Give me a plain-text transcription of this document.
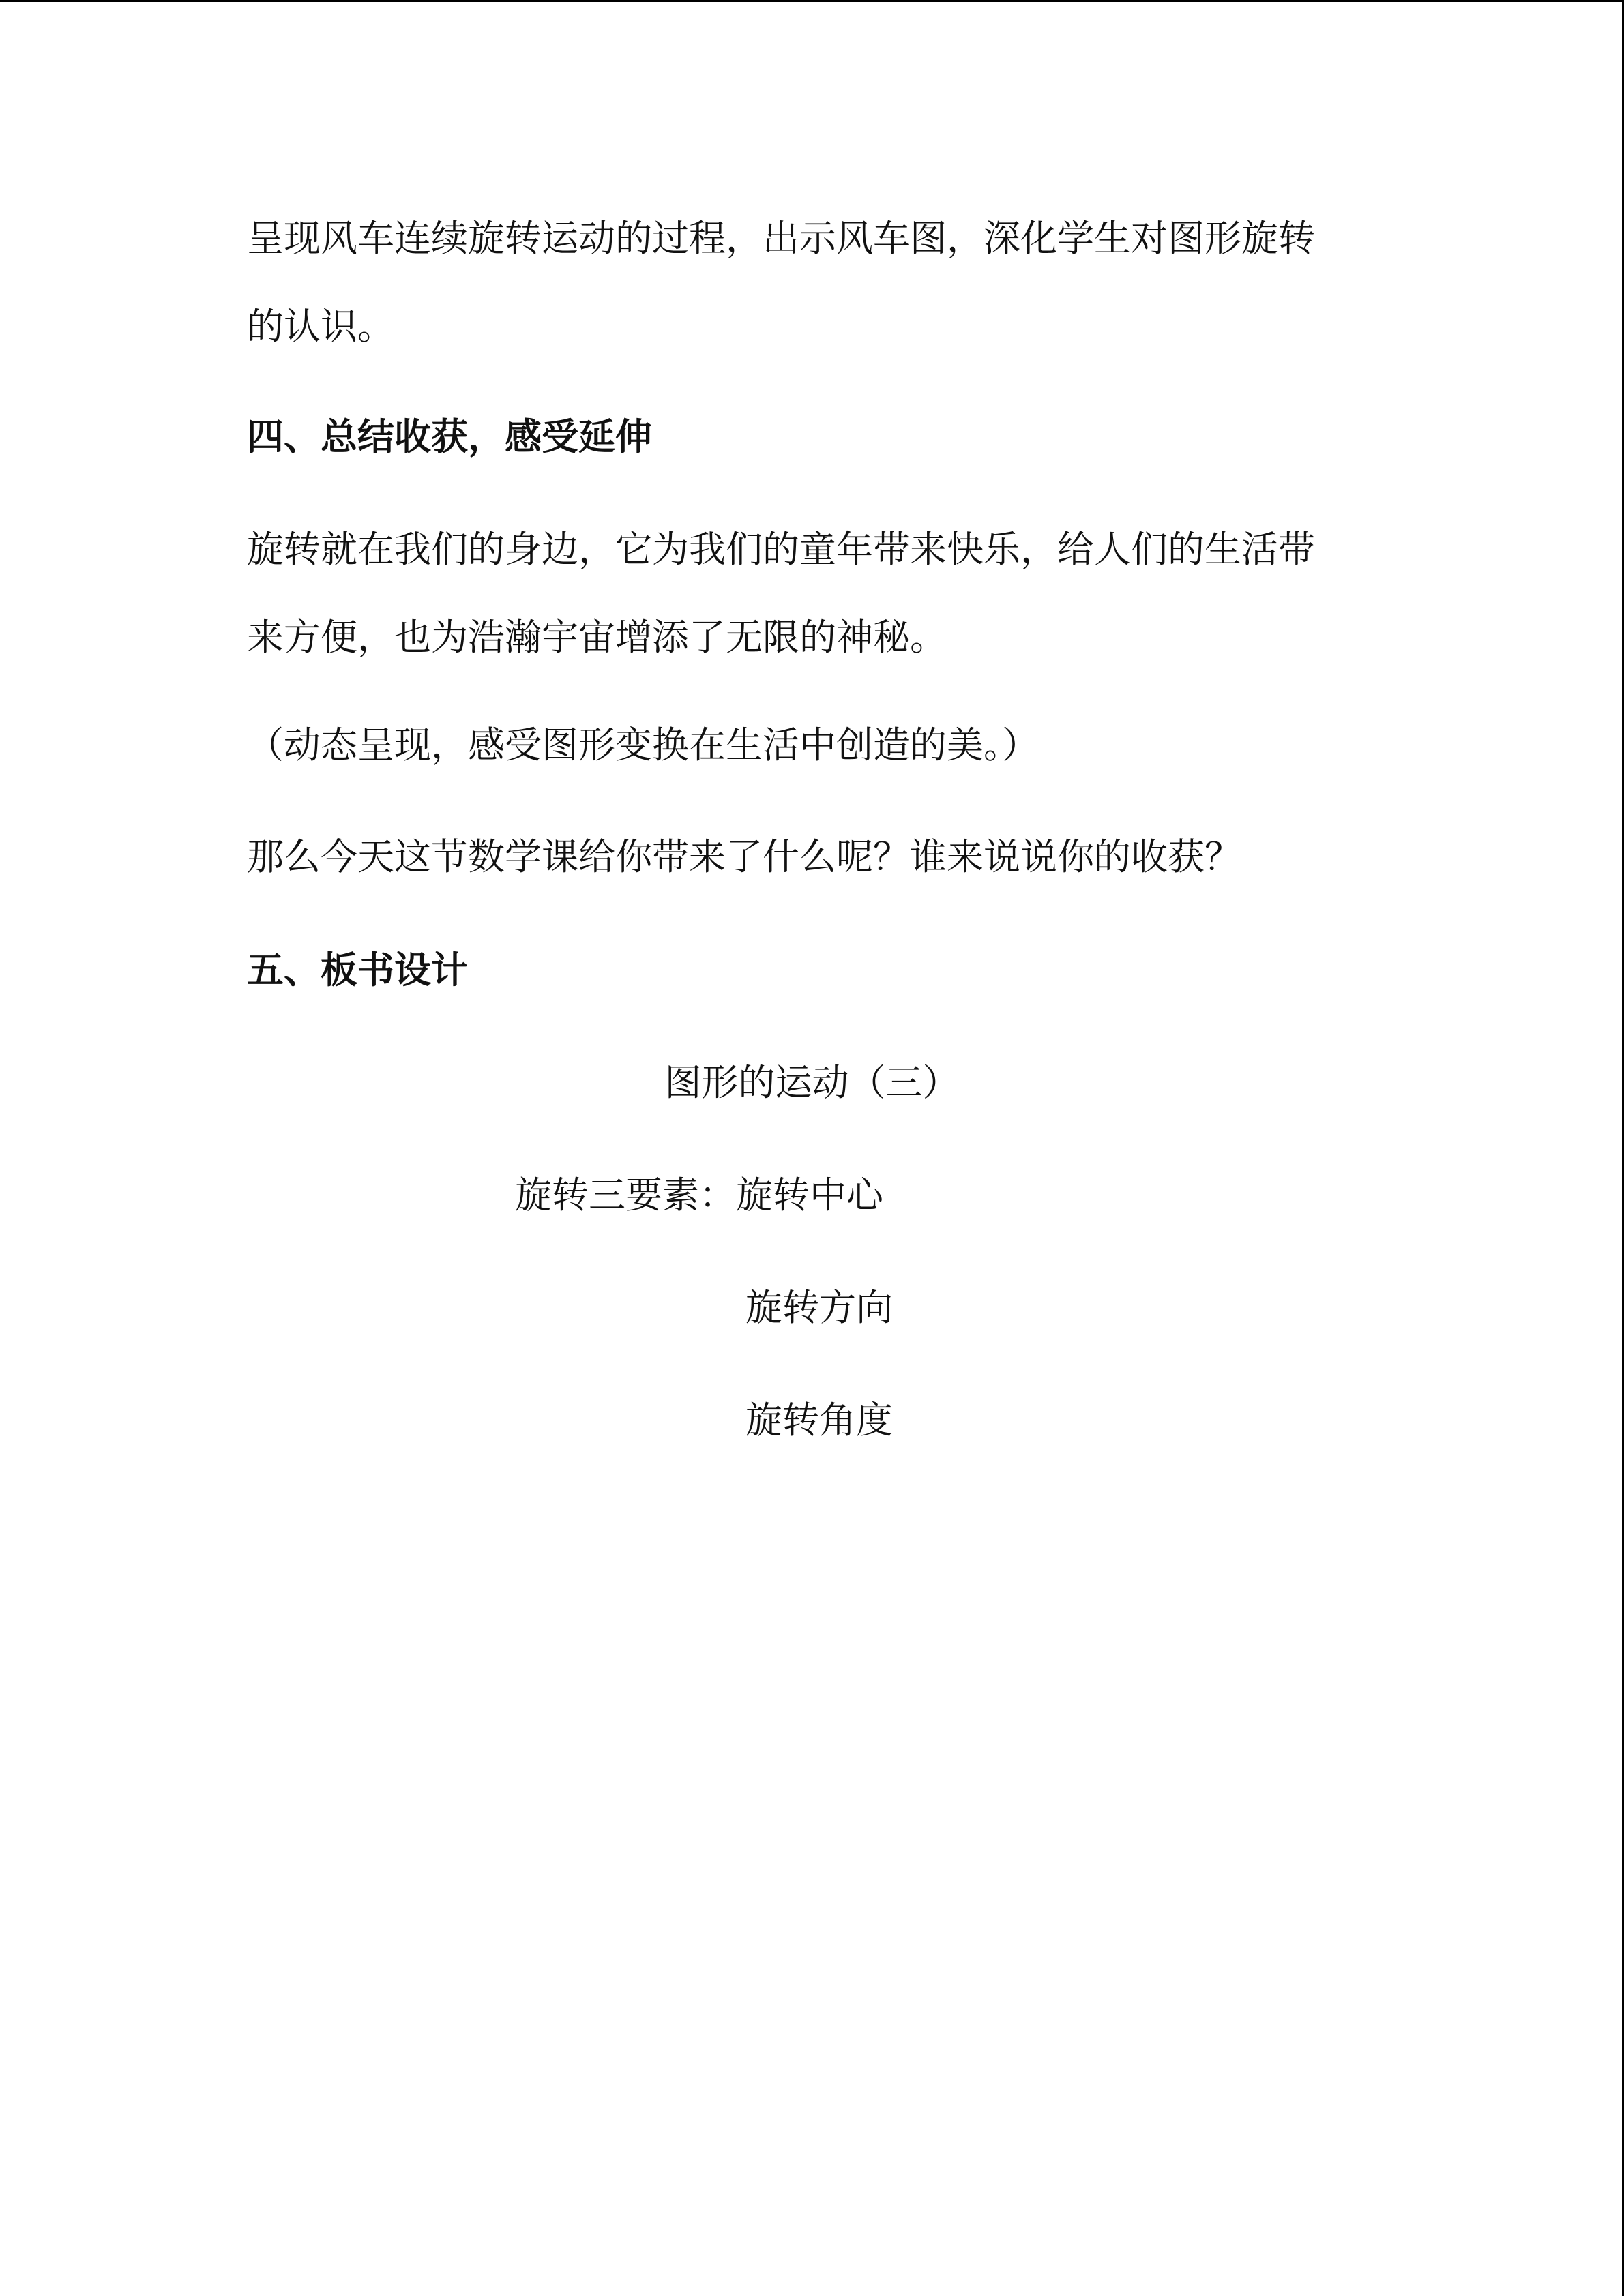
呈现风车连续旋转运动的过程，出示风车图，深化学生对图形旋转

的认识。

四、总结收获，感受延伸

旋转就在我们的身边，它为我们的童年带来快乐，给人们的生活带

来方便，也为浩瀚宇宙增添了无限的神秘。

（动态呈现，感受图形变换在生活中创造的美。）

那么今天这节数学课给你带来了什么呢？谁来说说你的收获？

五、板书设计

图形的运动（三）

旋转三要素：旋转中心

旋转方向

旋转角度
